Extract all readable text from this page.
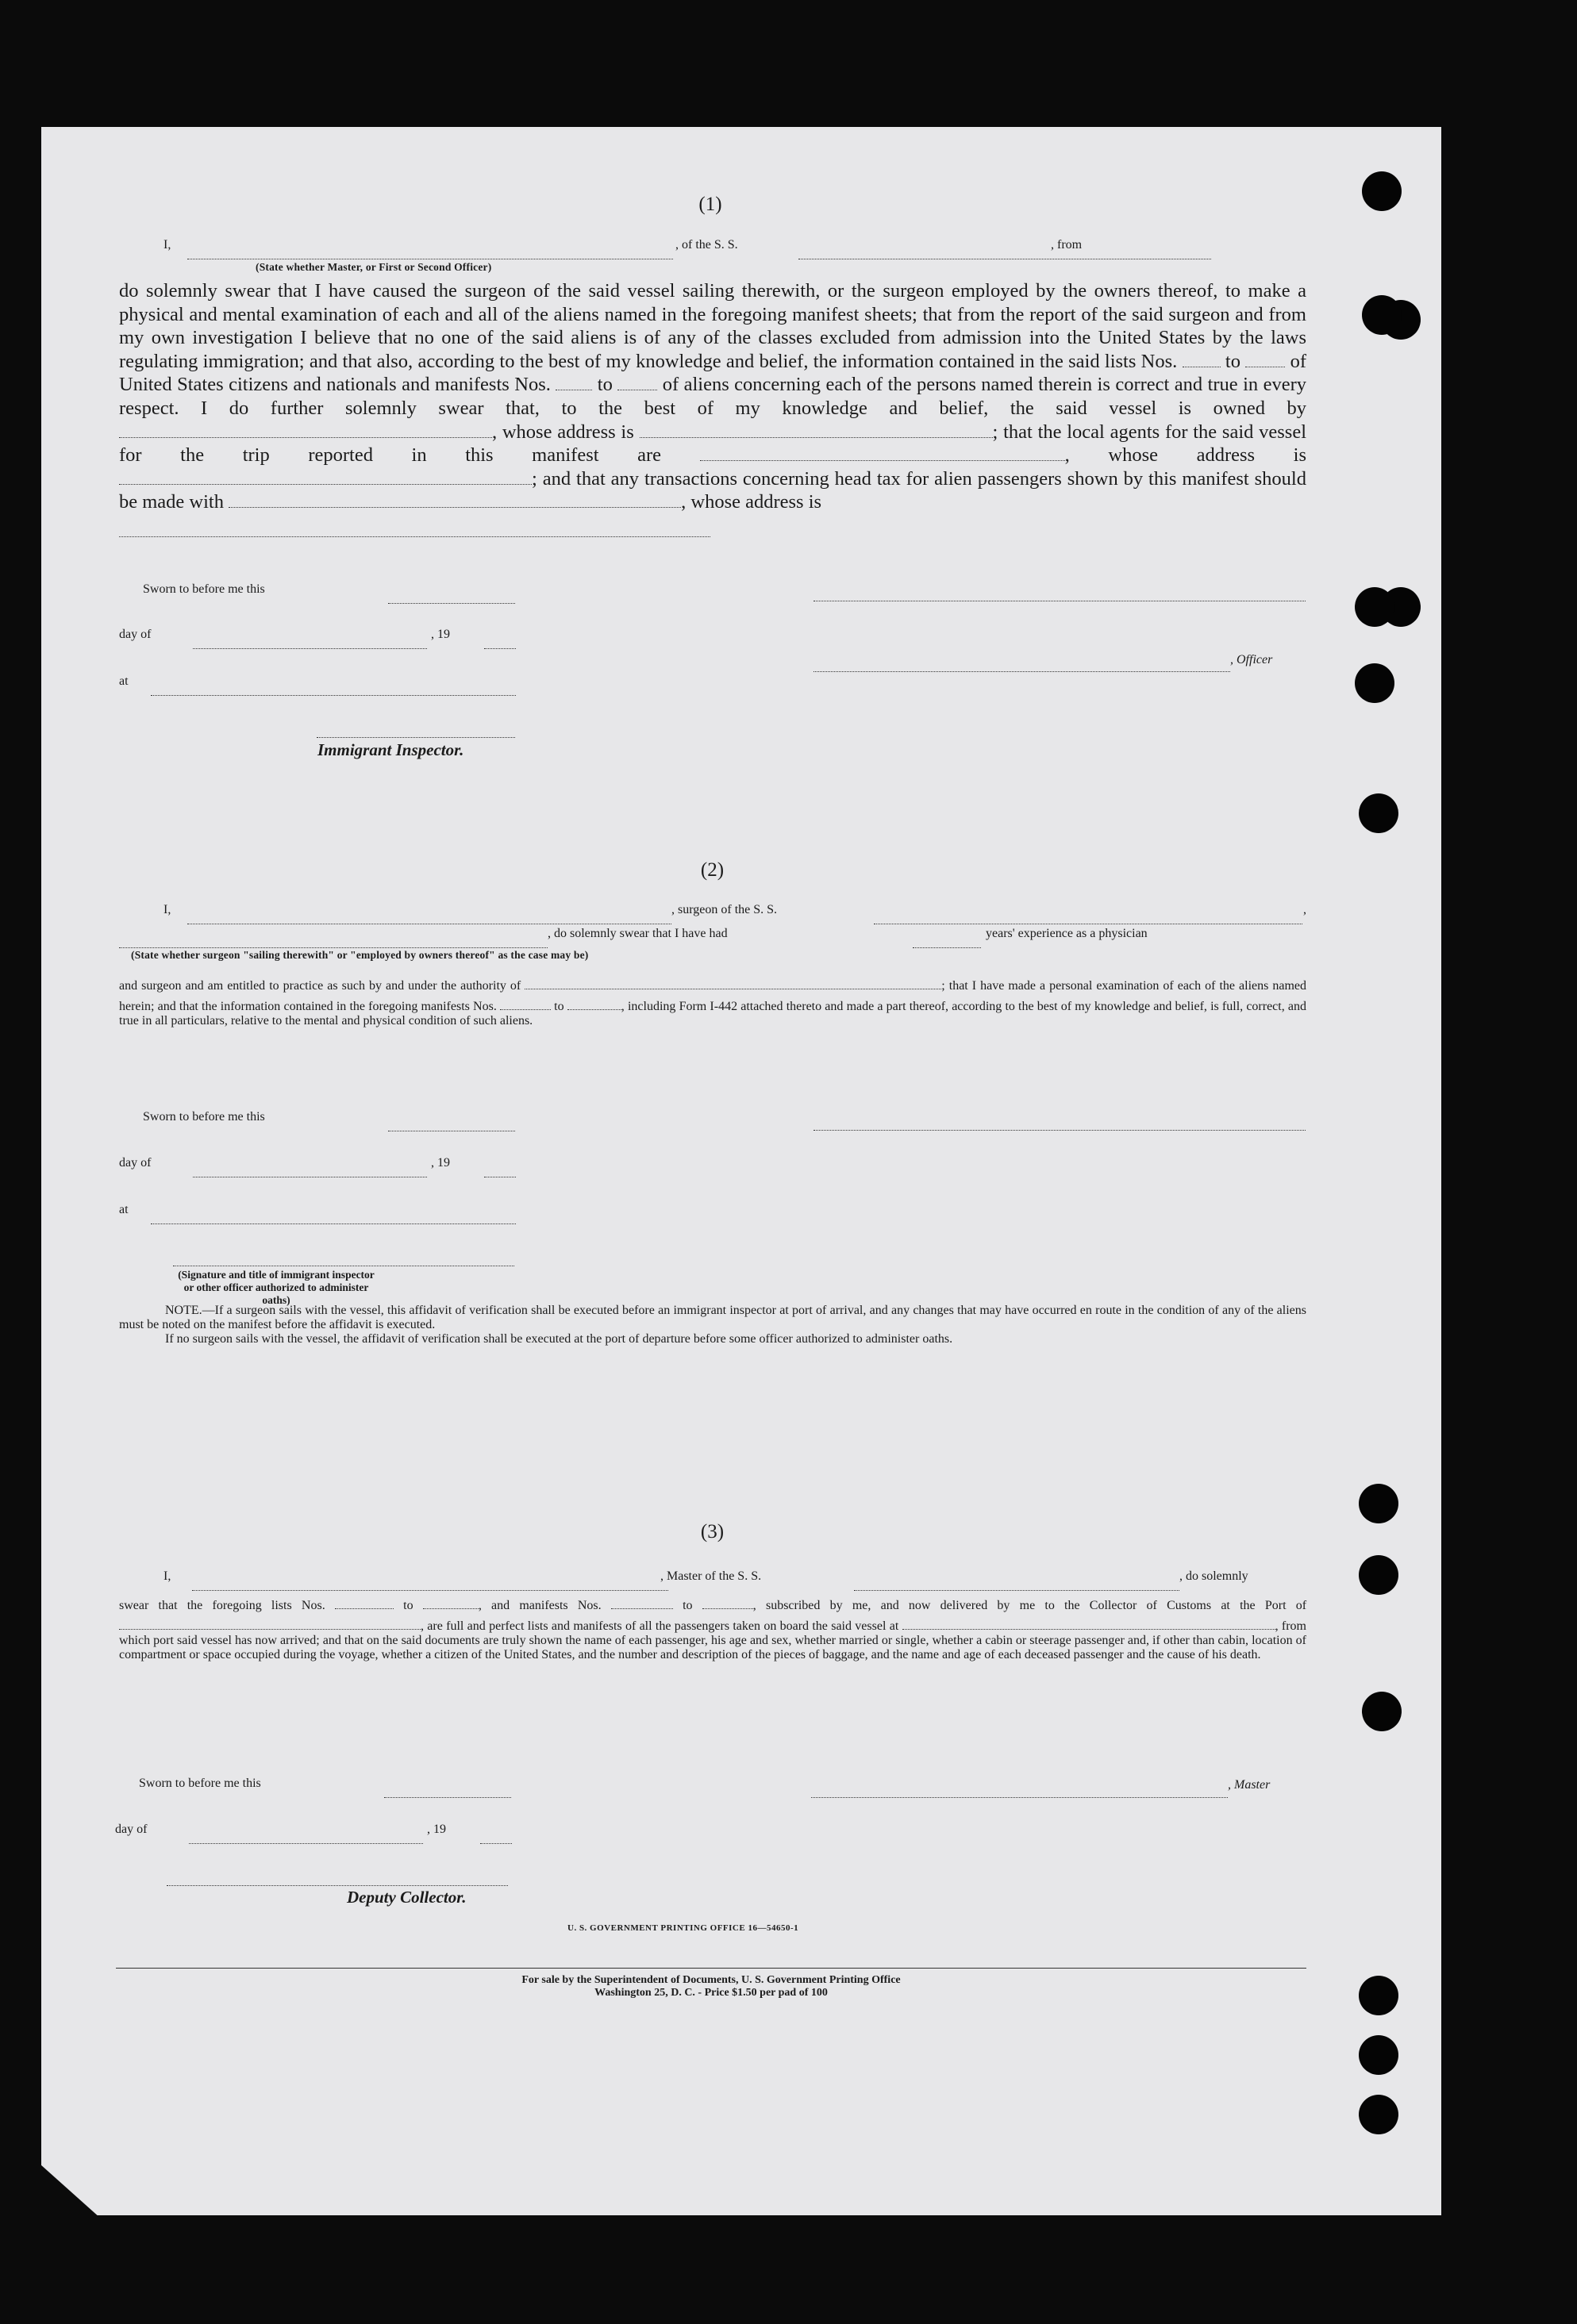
(1)
I,	, of the S. S.	, from
(State whether Master, or First or Second Officer)

do solemnly swear that I have caused the surgeon of the said vessel sailing therewith, or the surgeon employed by the owners thereof, to make a physical and mental examination of each and all of the aliens named in the foregoing manifest sheets; that from the report of the said surgeon and from my own investigation I believe that no one of the said aliens is of any of the classes excluded from admission into the United States by the laws regulating immigration; and that also, according to the best of my knowledge and belief, the information contained in the said lists Nos. to	of United States citizens and nationals and manifests Nos. to	of aliens concerning each of the persons named therein is correct and true in every respect. I do further solemnly swear that, to the best of my knowledge and belief, the said vessel is owned by , whose address is	; that the local agents for the said vessel for the trip reported in this manifest are	, whose address is ; and that any transactions concerning head tax for alien passengers shown by this manifest should be made with	, whose address is

Sworn to before me this
day of	, 19
at
Immigrant Inspector.
, Officer
(2)
I,	, surgeon of the S. S.	,
, do solemnly swear that I have had	years' experience as a physician
(State whether surgeon "sailing therewith" or "employed by owners thereof" as the case may be)

and surgeon and am entitled to practice as such by and under the authority of	; that I have made a personal examination of each of the aliens named herein; and that the information contained in the foregoing manifests Nos.	to	, including Form I-442 attached thereto and made a part thereof, according to the best of my knowledge and belief, is full, correct, and true in all particulars, relative to the mental and physical condition of such aliens.

Sworn to before me this
day of	, 19
at
(Signature and title of immigrant inspector or other officer authorized to administer oaths)

NOTE.—If a surgeon sails with the vessel, this affidavit of verification shall be executed before an immigrant inspector at port of arrival, and any changes that may have occurred en route in the condition of any of the aliens must be noted on the manifest before the affidavit is executed.

If no surgeon sails with the vessel, the affidavit of verification shall be executed at the port of departure before some officer authorized to administer oaths.

(3)
I,	, Master of the S. S.	, do solemnly

swear that the foregoing lists Nos.	to	, and manifests Nos.	to	, subscribed by me, and now delivered by me to the Collector of Customs at the Port of , are full and perfect lists and manifests of all the passengers taken on board the said vessel at	, from which port said vessel has now arrived; and that on the said documents are truly shown the name of each passenger, his age and sex, whether married or single, whether a cabin or steerage passenger and, if other than cabin, location of compartment or space occupied during the voyage, whether a citizen of the United States, and the number and description of the pieces of baggage, and the name and age of each deceased passenger and the cause of his death.

Sworn to before me this
day of	, 19
Deputy Collector.
, Master
U. S. GOVERNMENT PRINTING OFFICE 16—54650-1
For sale by the Superintendent of Documents, U. S. Government Printing Office
Washington 25, D. C. - Price $1.50 per pad of 100
